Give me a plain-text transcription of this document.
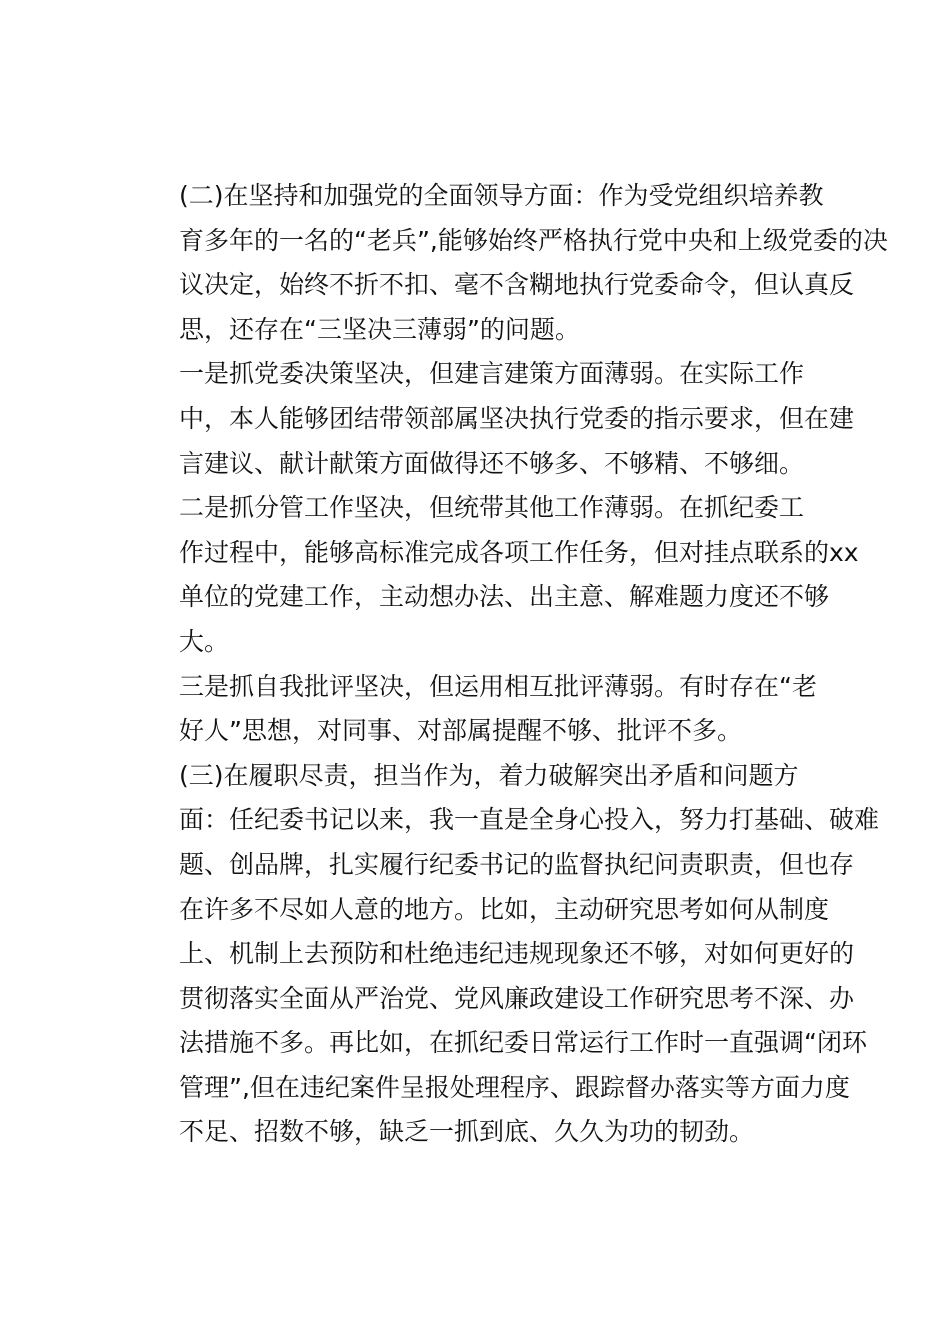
(二)在坚持和加强党的全面领导方面：作为受党组织培养教
育多年的一名的“老兵”,能够始终严格执行党中央和上级党委的决
议决定，始终不折不扣、毫不含糊地执行党委命令，但认真反
思，还存在“三坚决三薄弱”的问题。

一是抓党委决策坚决，但建言建策方面薄弱。在实际工作
中，本人能够团结带领部属坚决执行党委的指示要求，但在建
言建议、献计献策方面做得还不够多、不够精、不够细。

二是抓分管工作坚决，但统带其他工作薄弱。在抓纪委工
作过程中，能够高标准完成各项工作任务，但对挂点联系的xx
单位的党建工作，主动想办法、出主意、解难题力度还不够
大。

三是抓自我批评坚决，但运用相互批评薄弱。有时存在“老
好人”思想，对同事、对部属提醒不够、批评不多。

(三)在履职尽责，担当作为，着力破解突出矛盾和问题方
面：任纪委书记以来，我一直是全身心投入，努力打基础、破难
题、创品牌，扎实履行纪委书记的监督执纪问责职责，但也存
在许多不尽如人意的地方。比如，主动研究思考如何从制度
上、机制上去预防和杜绝违纪违规现象还不够，对如何更好的
贯彻落实全面从严治党、党风廉政建设工作研究思考不深、办
法措施不多。再比如，在抓纪委日常运行工作时一直强调“闭环
管理”,但在违纪案件呈报处理程序、跟踪督办落实等方面力度
不足、招数不够，缺乏一抓到底、久久为功的韧劲。
